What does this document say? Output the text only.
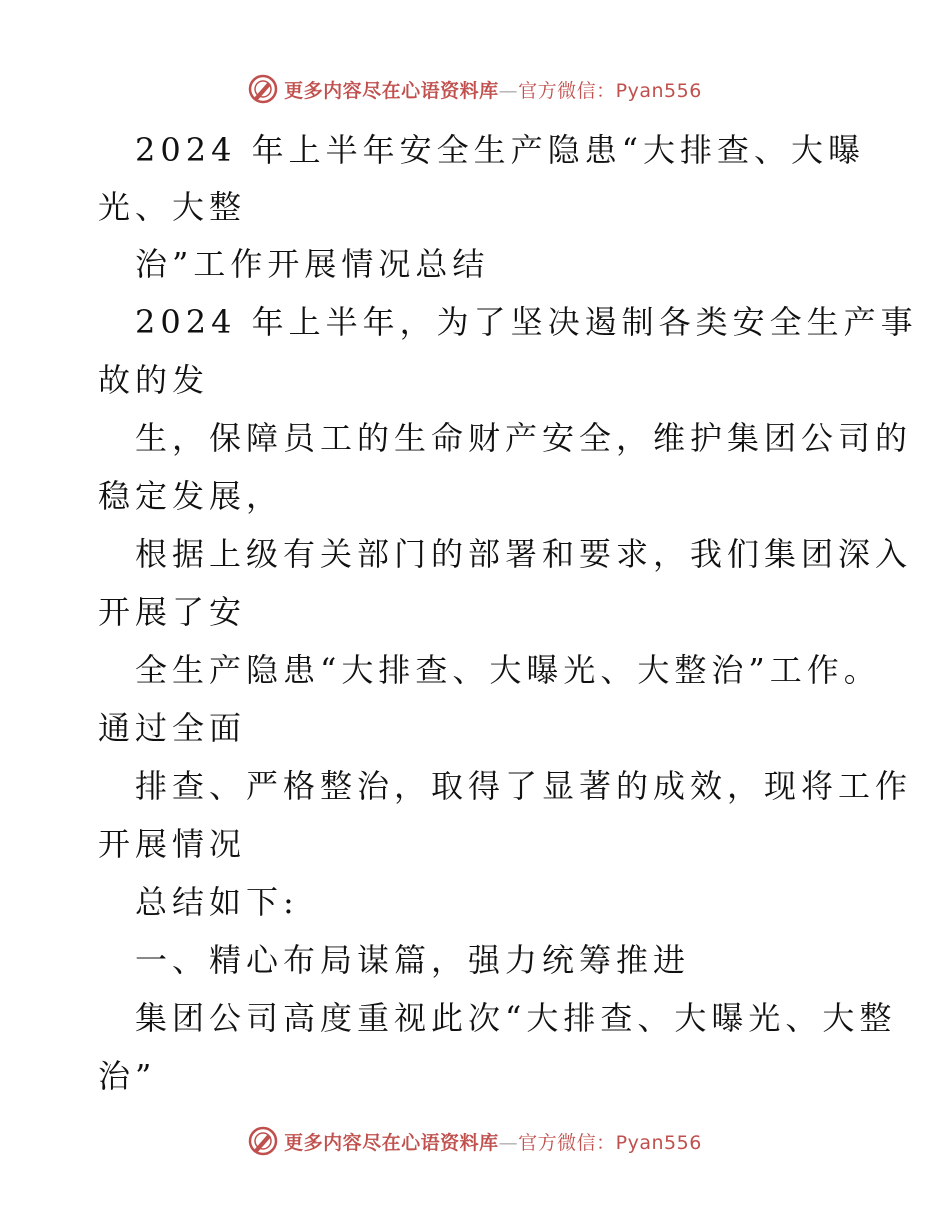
更多内容尽在心语资料库—官方微信：Pyan556
2024 年上半年安全生产隐患“大排查、大曝
光、大整
治”工作开展情况总结
2024 年上半年，为了坚决遏制各类安全生产事
故的发
生，保障员工的生命财产安全，维护集团公司的
稳定发展，
根据上级有关部门的部署和要求，我们集团深入
开展了安
全生产隐患“大排查、大曝光、大整治”工作。
通过全面
排查、严格整治，取得了显著的成效，现将工作
开展情况
总结如下:
一、精心布局谋篇，强力统筹推进
集团公司高度重视此次“大排查、大曝光、大整
治”
更多内容尽在心语资料库—官方微信：Pyan556
